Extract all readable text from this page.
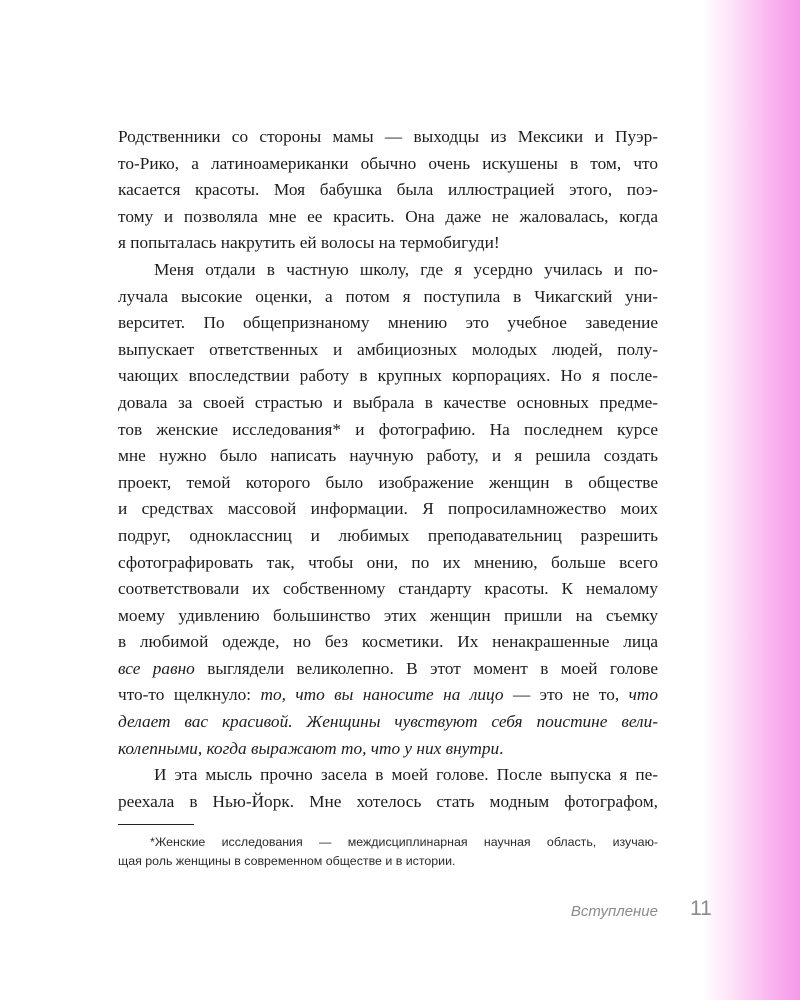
Родственники со стороны мамы — выходцы из Мексики и Пуэр-
то-Рико, а латиноамериканки обычно очень искушены в том, что
касается красоты. Моя бабушка была иллюстрацией этого, поэ-
тому и позволяла мне ее красить. Она даже не жаловалась, когда
я попыталась накрутить ей волосы на термобигуди!
Меня отдали в частную школу, где я усердно училась и по-
лучала высокие оценки, а потом я поступила в Чикагский уни-
верситет. По общепризнаному мнению это учебное заведение
выпускает ответственных и амбициозных молодых людей, полу-
чающих впоследствии работу в крупных корпорациях. Но я после-
довала за своей страстью и выбрала в качестве основных предме-
тов женские исследования* и фотографию. На последнем курсе
мне нужно было написать научную работу, и я решила создать
проект, темой которого было изображение женщин в обществе
и средствах массовой информации. Я попросиламножество моих
подруг, одноклассниц и любимых преподавательниц разрешить
сфотографировать так, чтобы они, по их мнению, больше всего
соответствовали их собственному стандарту красоты. К немалому
моему удивлению большинство этих женщин пришли на съемку
в любимой одежде, но без косметики. Их ненакрашенные лица
все равно выглядели великолепно. В этот момент в моей голове
что-то щелкнуло: то, что вы наносите на лицо — это не то, что
делает вас красивой. Женщины чувствуют себя поистине вели-
колепными, когда выражают то, что у них внутри.
И эта мысль прочно засела в моей голове. После выпуска я пе-
реехала в Нью-Йорк. Мне хотелось стать модным фотографом,
*Женские исследования — междисциплинарная научная область, изучаю-
щая роль женщины в современном обществе и в истории.
Вступление 11
